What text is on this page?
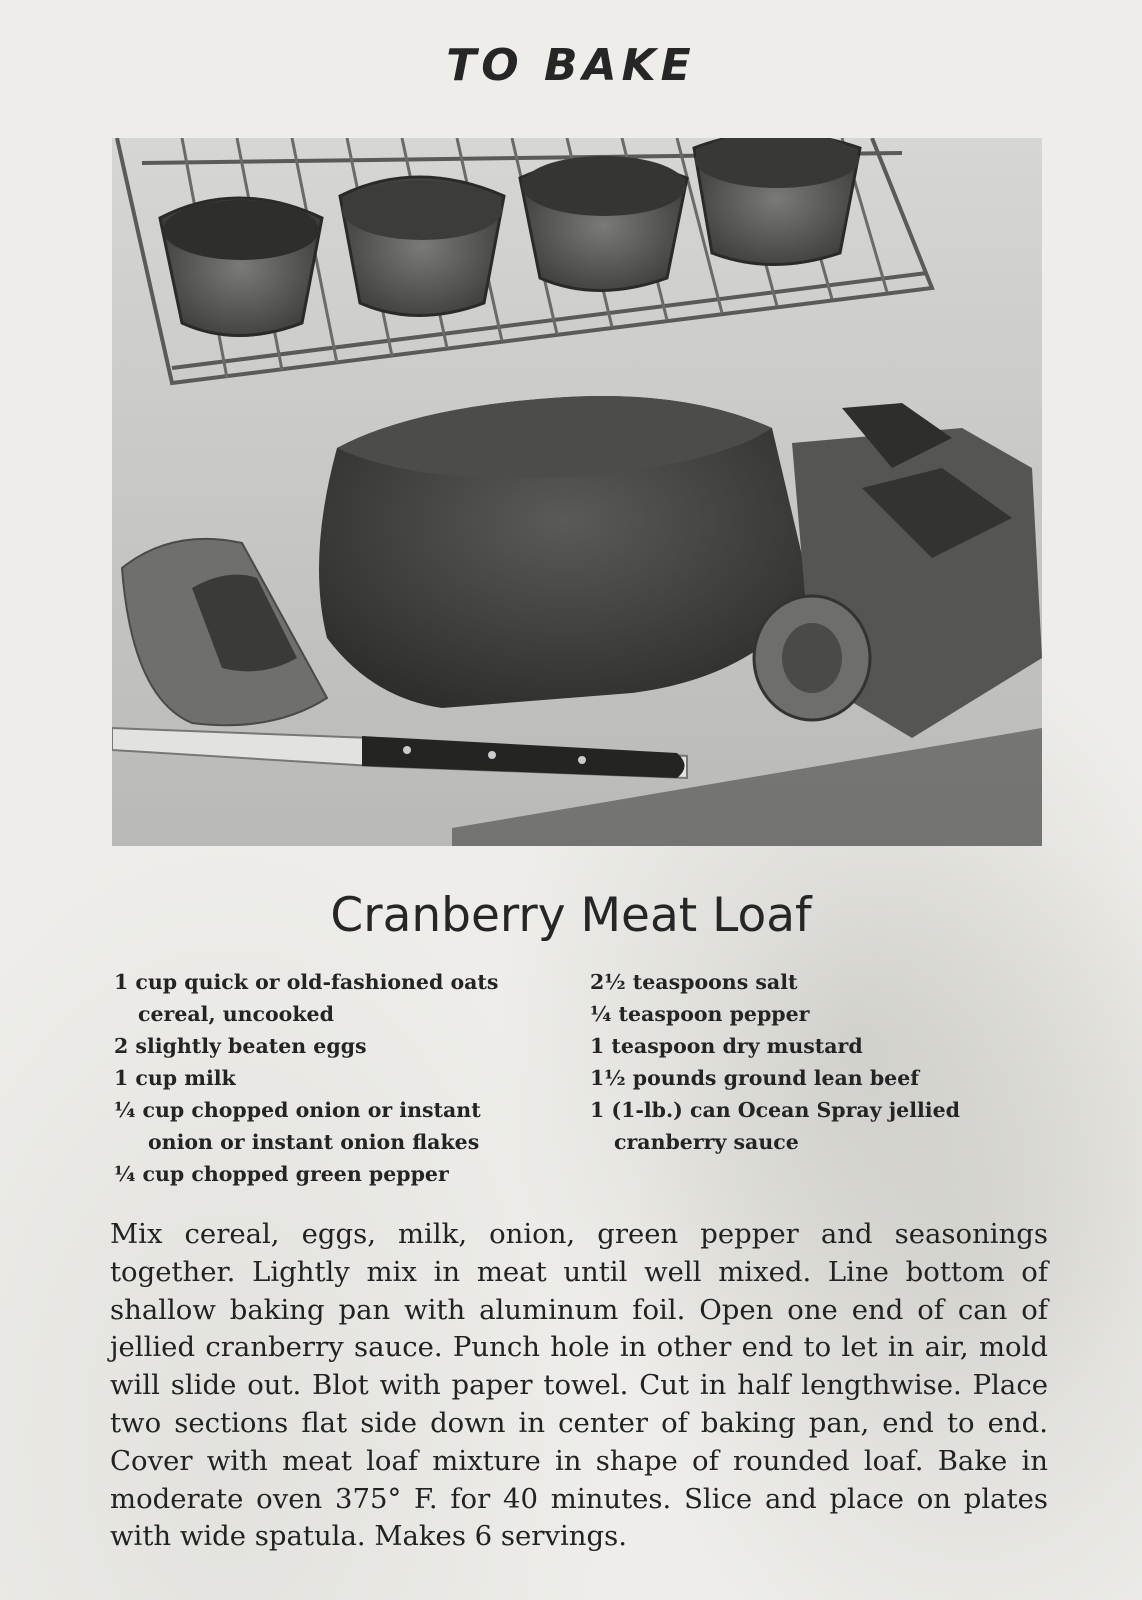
TO BAKE
Cranberry Meat Loaf
1 cup quick or old-fashioned oats
cereal, uncooked
2 slightly beaten eggs
1 cup milk
¼ cup chopped onion or instant
onion or instant onion flakes
¼ cup chopped green pepper
2½ teaspoons salt
¼ teaspoon pepper
1 teaspoon dry mustard
1½ pounds ground lean beef
1 (1-lb.) can Ocean Spray jellied
cranberry sauce
Mix cereal, eggs, milk, onion, green pepper and seasonings together. Lightly mix in meat until well mixed. Line bottom of shallow baking pan with aluminum foil. Open one end of can of jellied cranberry sauce. Punch hole in other end to let in air, mold will slide out. Blot with paper towel. Cut in half lengthwise. Place two sections flat side down in center of baking pan, end to end. Cover with meat loaf mixture in shape of rounded loaf. Bake in moderate oven 375° F. for 40 minutes. Slice and place on plates with wide spatula. Makes 6 servings.
